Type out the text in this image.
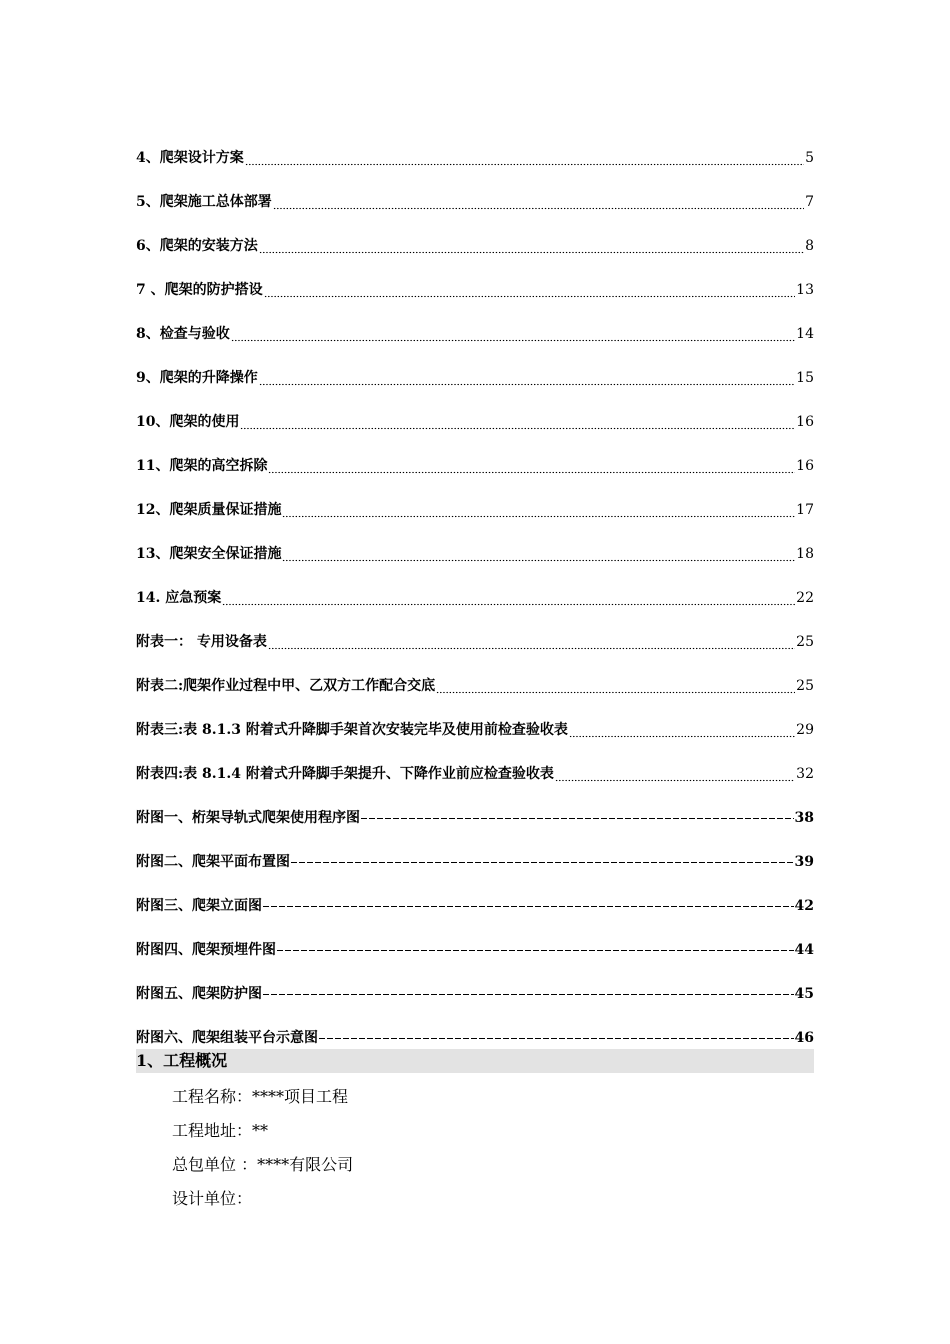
4、爬架设计方案	5
5、爬架施工总体部署	7
6、爬架的安装方法	8
7 、爬架的防护搭设	13
8、检查与验收	14
9、爬架的升降操作	15
10、爬架的使用	16
11、爬架的高空拆除	16
12、爬架质量保证措施	17
13、爬架安全保证措施	18
14. 应急预案	22
附表一： 专用设备表	25
附表二:爬架作业过程中甲、乙双方工作配合交底	25
附表三:表 8.1.3 附着式升降脚手架首次安装完毕及使用前检查验收表	29
附表四:表 8.1.4 附着式升降脚手架提升、下降作业前应检查验收表	32
附图一、桁架导轨式爬架使用程序图	38
附图二、爬架平面布置图	39
附图三、爬架立面图	42
附图四、爬架预埋件图	44
附图五、爬架防护图	45
附图六、爬架组装平台示意图	46
1、工程概况
工程名称：****项目工程
工程地址：**
总包单位 ：****有限公司
设计单位：
